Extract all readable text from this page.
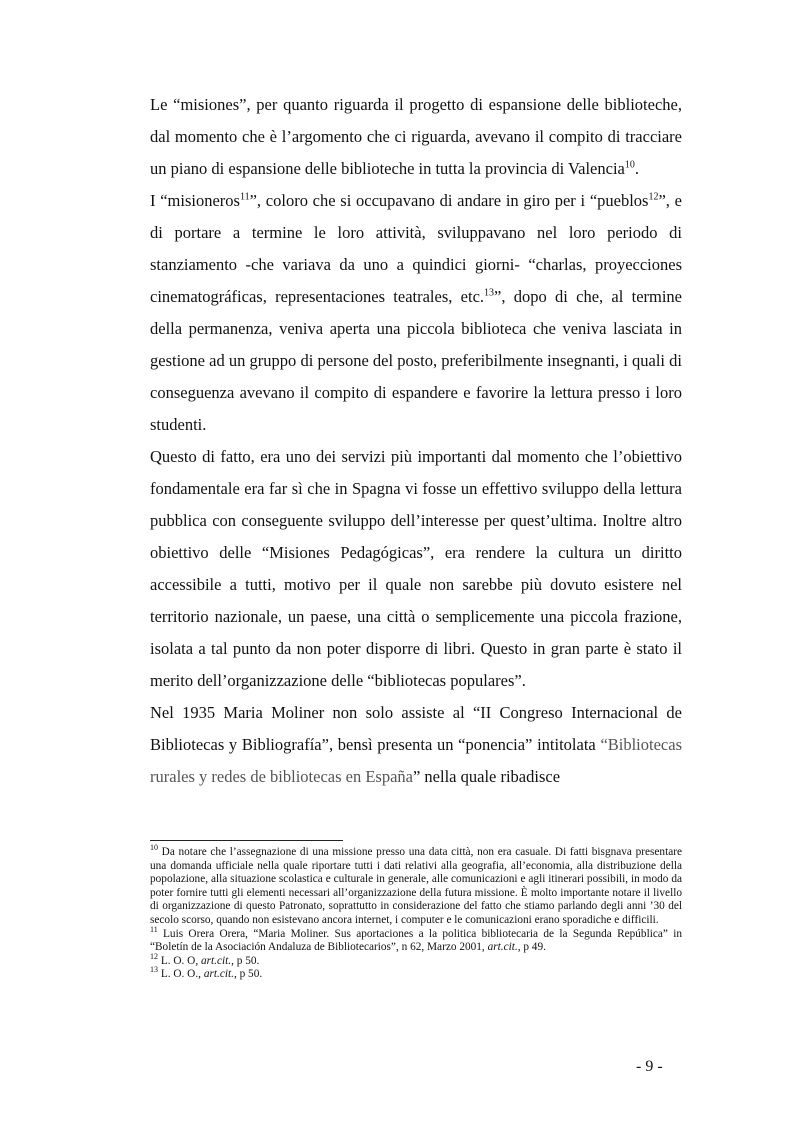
Le “misiones”, per quanto riguarda il progetto di espansione delle biblioteche, dal momento che è l’argomento che ci riguarda, avevano il compito di tracciare un piano di espansione delle biblioteche in tutta la provincia di Valencia$^{10}$.

I “misioneros$^{11}$”, coloro che si occupavano di andare in giro per i “pueblos$^{12}$”, e di portare a termine le loro attività, sviluppavano nel loro periodo di stanziamento -che variava da uno a quindici giorni- “charlas, proyecciones cinematográficas, representaciones teatrales, etc.$^{13}$”, dopo di che, al termine della permanenza, veniva aperta una piccola biblioteca che veniva lasciata in gestione ad un gruppo di persone del posto, preferibilmente insegnanti, i quali di conseguenza avevano il compito di espandere e favorire la lettura presso i loro studenti.

Questo di fatto, era uno dei servizi più importanti dal momento che l’obiettivo fondamentale era far sì che in Spagna vi fosse un effettivo sviluppo della lettura pubblica con conseguente sviluppo dell’interesse per quest’ultima. Inoltre altro obiettivo delle “Misiones Pedagógicas”, era rendere la cultura un diritto accessibile a tutti, motivo per il quale non sarebbe più dovuto esistere nel territorio nazionale, un paese, una città o semplicemente una piccola frazione, isolata a tal punto da non poter disporre di libri. Questo in gran parte è stato il merito dell’organizzazione delle “bibliotecas populares”.

Nel 1935 Maria Moliner non solo assiste al “II Congreso Internacional de Bibliotecas y Bibliografía”, bensì presenta un “ponencia” intitolata “Bibliotecas rurales y redes de bibliotecas en España” nella quale ribadisce

$^{10}$ Da notare che l’assegnazione di una missione presso una data città, non era casuale. Di fatti bisgnava presentare una domanda ufficiale nella quale riportare tutti i dati relativi alla geografia, all’economia, alla distribuzione della popolazione, alla situazione scolastica e culturale in generale, alle comunicazioni e agli itinerari possibili, in modo da poter fornire tutti gli elementi necessari all’organizzazione della futura missione. È molto importante notare il livello di organizzazione di questo Patronato, soprattutto in considerazione del fatto che stiamo parlando degli anni ’30 del secolo scorso, quando non esistevano ancora internet, i computer e le comunicazioni erano sporadiche e difficili.

$^{11}$ Luis Orera Orera, “Maria Moliner. Sus aportaciones a la politica bibliotecaria de la Segunda República” in “Boletín de la Asociación Andaluza de Bibliotecarios”, n 62, Marzo 2001, art.cit., p 49.

$^{12}$ L. O. O, art.cit., p 50.

$^{13}$ L. O. O., art.cit., p 50.

- 9 -
